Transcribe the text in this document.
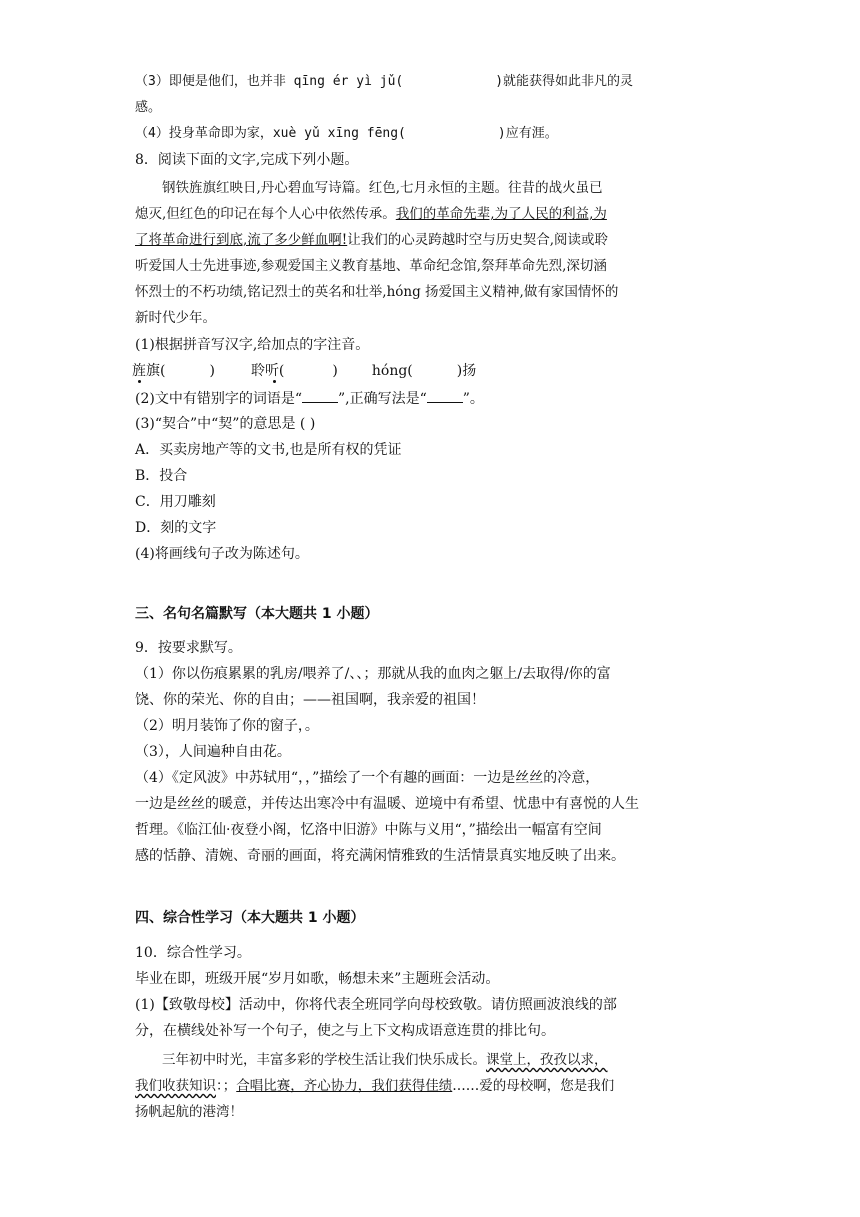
（3）即便是他们，也并非 qīng ér yì jǔ(	)就能获得如此非凡的灵
感。
（4）投身革命即为家，xuè yǔ xīng fēng(	)应有涯。
8．阅读下面的文字,完成下列小题。
钢铁旌旗红映日,丹心碧血写诗篇。红色,七月永恒的主题。往昔的战火虽已
熄灭,但红色的印记在每个人心中依然传承。我们的革命先辈,为了人民的利益,为
了将革命进行到底,流了多少鲜血啊!让我们的心灵跨越时空与历史契合,阅读或聆
听爱国人士先进事迹,参观爱国主义教育基地、革命纪念馆,祭拜革命先烈,深切涵
怀烈士的不朽功绩,铭记烈士的英名和壮举,hóng 扬爱国主义精神,做有家国情怀的
新时代少年。
(1)根据拼音写汉字,给加点的字注音。
旌旗(	)	聆听(	) hóng(	)扬
(2)文中有错别字的词语是“	”,正确写法是“	”。
(3)“契合”中“契”的意思是 ( )
A．买卖房地产等的文书,也是所有权的凭证
B．投合
C．用刀雕刻
D．刻的文字
(4)将画线句子改为陈述句。
三、名句名篇默写（本大题共 1 小题）
9．按要求默写。
（1）你以伤痕累累的乳房/喂养了/、、；那就从我的血肉之躯上/去取得/你的富
饶、你的荣光、你的自由；——祖国啊，我亲爱的祖国！
（2）明月装饰了你的窗子，。
（3），人间遍种自由花。
（4）《定风波》中苏轼用“，，”描绘了一个有趣的画面：一边是丝丝的冷意，
一边是丝丝的暖意，并传达出寒冷中有温暖、逆境中有希望、忧患中有喜悦的人生
哲理。《临江仙·夜登小阁，忆洛中旧游》中陈与义用“，”描绘出一幅富有空间
感的恬静、清婉、奇丽的画面，将充满闲情雅致的生活情景真实地反映了出来。
四、综合性学习（本大题共 1 小题）
10．综合性学习。
毕业在即，班级开展“岁月如歌，畅想未来”主题班会活动。
(1)【致敬母校】活动中，你将代表全班同学向母校致敬。请仿照画波浪线的部
分，在横线处补写一个句子，使之与上下文构成语意连贯的排比句。
三年初中时光，丰富多彩的学校生活让我们快乐成长。课堂上，孜孜以求，
我们收获知识：；合唱比赛，齐心协力，我们获得佳绩……爱的母校啊，您是我们
扬帆起航的港湾！
